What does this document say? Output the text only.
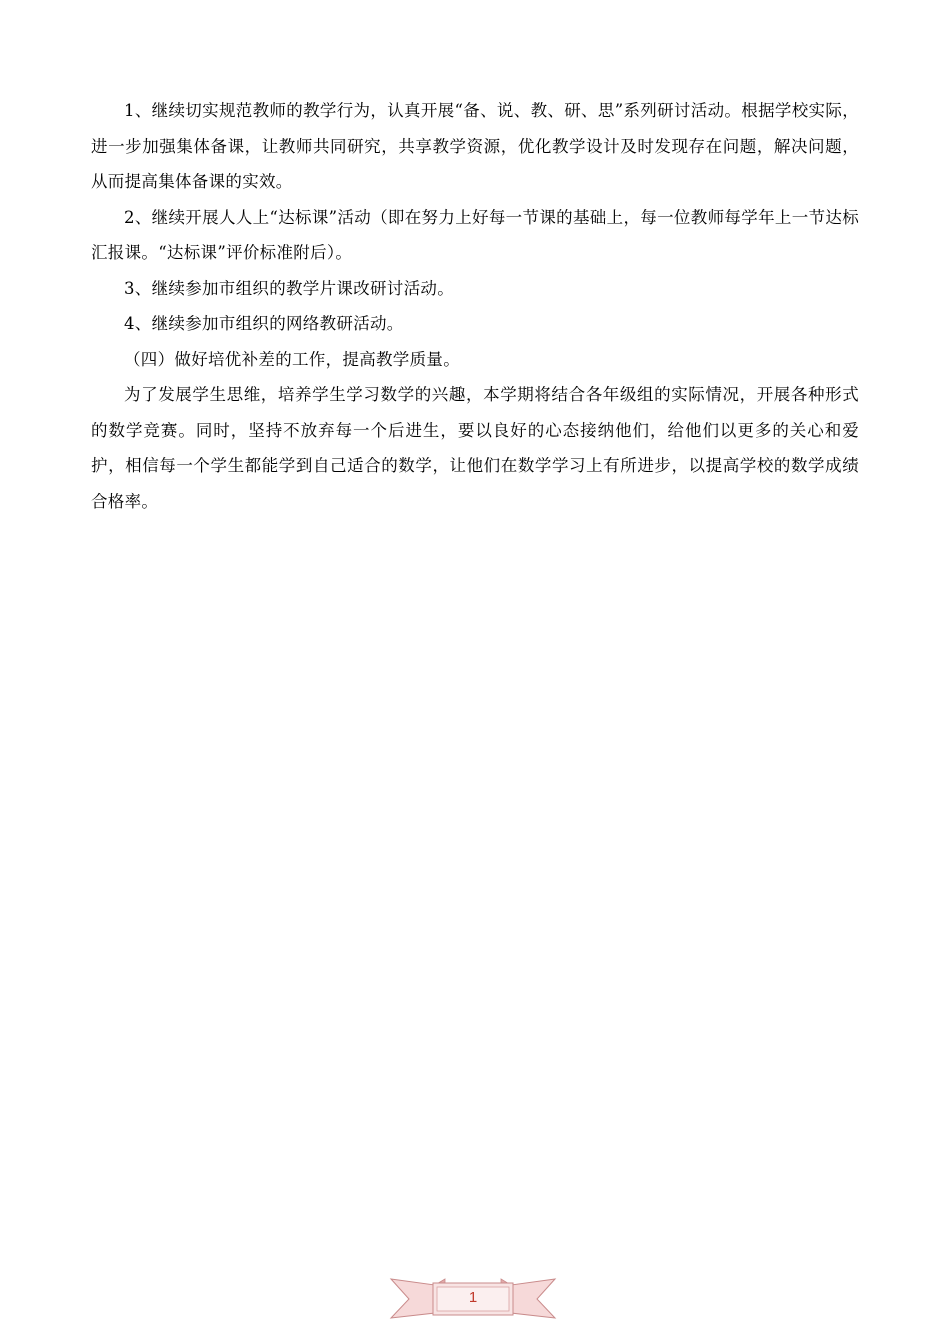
1、继续切实规范教师的教学行为，认真开展“备、说、教、研、思”系列研讨活动。根据学校实际，进一步加强集体备课，让教师共同研究，共享教学资源，优化教学设计及时发现存在问题，解决问题，从而提高集体备课的实效。

2、继续开展人人上“达标课”活动（即在努力上好每一节课的基础上，每一位教师每学年上一节达标汇报课。“达标课”评价标准附后）。

3、继续参加市组织的教学片课改研讨活动。

4、继续参加市组织的网络教研活动。

（四）做好培优补差的工作，提高教学质量。

为了发展学生思维，培养学生学习数学的兴趣，本学期将结合各年级组的实际情况，开展各种形式的数学竞赛。同时，坚持不放弃每一个后进生，要以良好的心态接纳他们，给他们以更多的关心和爱护，相信每一个学生都能学到自己适合的数学，让他们在数学学习上有所进步，以提高学校的数学成绩合格率。

1
